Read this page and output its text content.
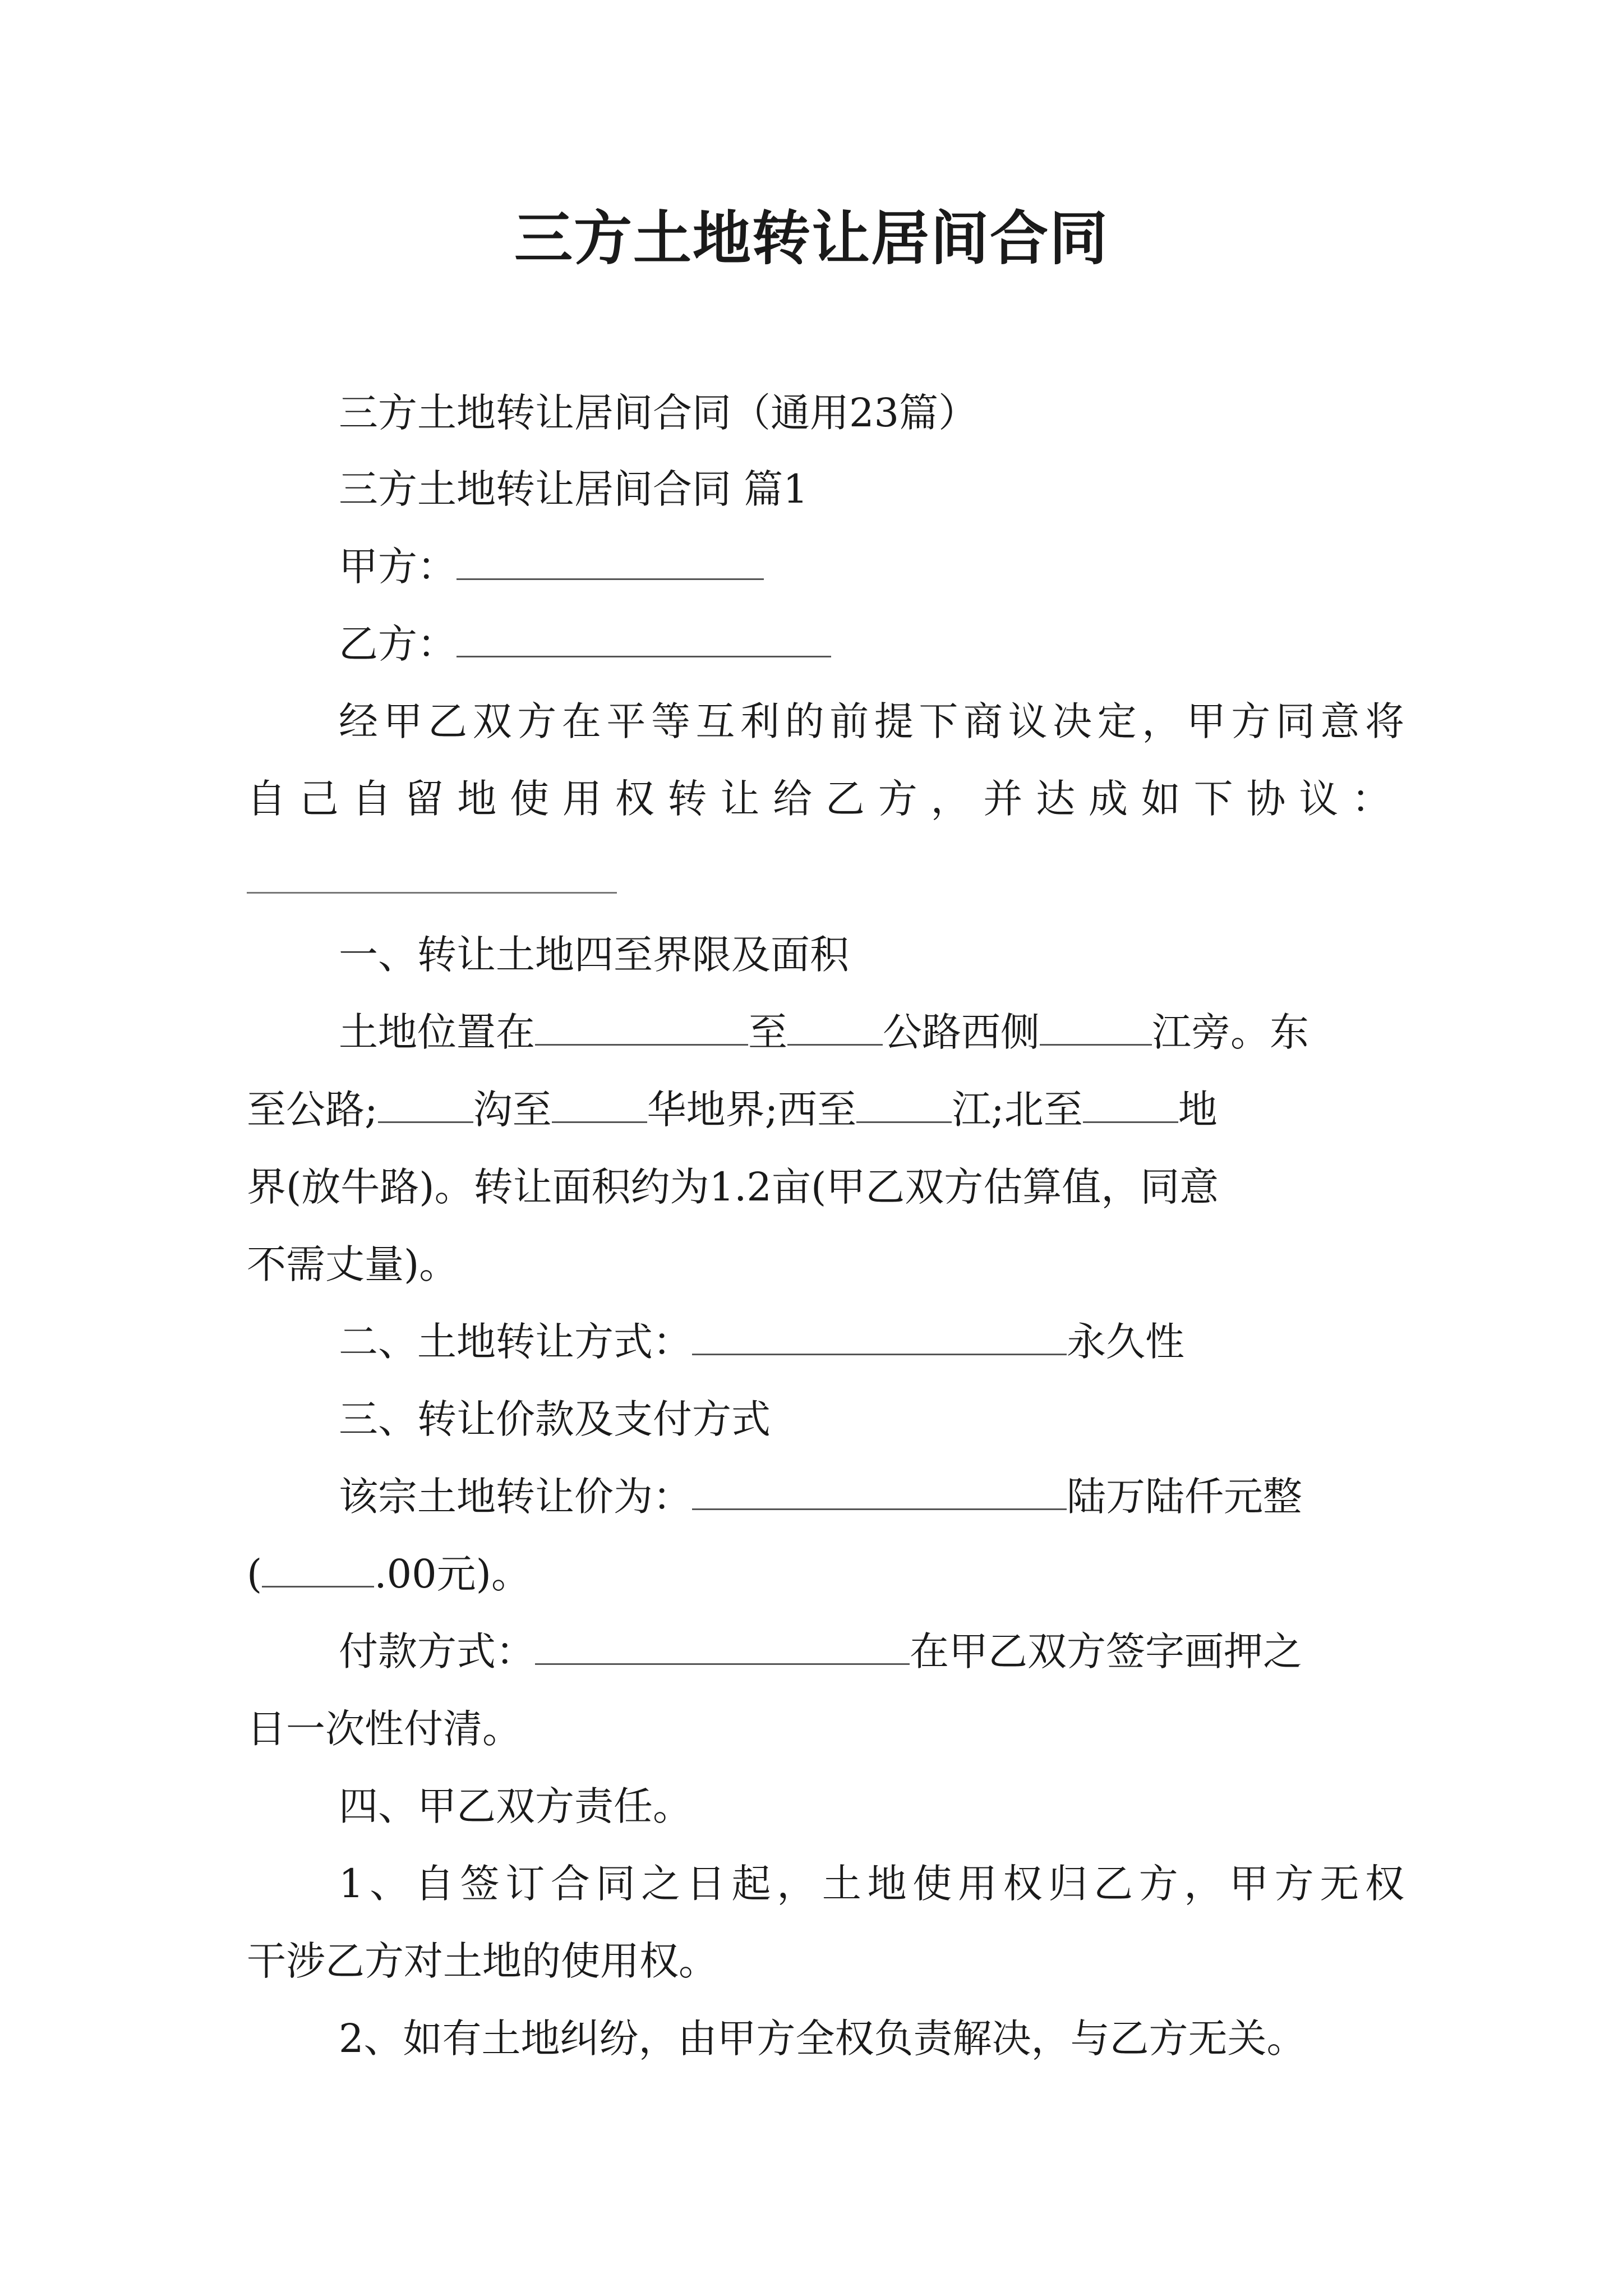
三方土地转让居间合同
三方土地转让居间合同（通用23篇）
三方土地转让居间合同 篇1
甲方：
乙方：
经甲乙双方在平等互利的前提下商议决定，甲方同意将
自己自留地使用权转让给乙方，并达成如下协议：
一、转让土地四至界限及面积
土地位置在	至 公路西侧	江旁。东
至公路; 沟至 华地界;西至 江;北至 地
界(放牛路)。转让面积约为1.2亩(甲乙双方估算值，同意
不需丈量)。
二、土地转让方式：	永久性
三、转让价款及支付方式
该宗土地转让价为：	陆万陆仟元整
(	.00元)。
付款方式：	在甲乙双方签字画押之
日一次性付清。
四、甲乙双方责任。
1、自签订合同之日起，土地使用权归乙方，甲方无权
干涉乙方对土地的使用权。
2、如有土地纠纷，由甲方全权负责解决，与乙方无关。
